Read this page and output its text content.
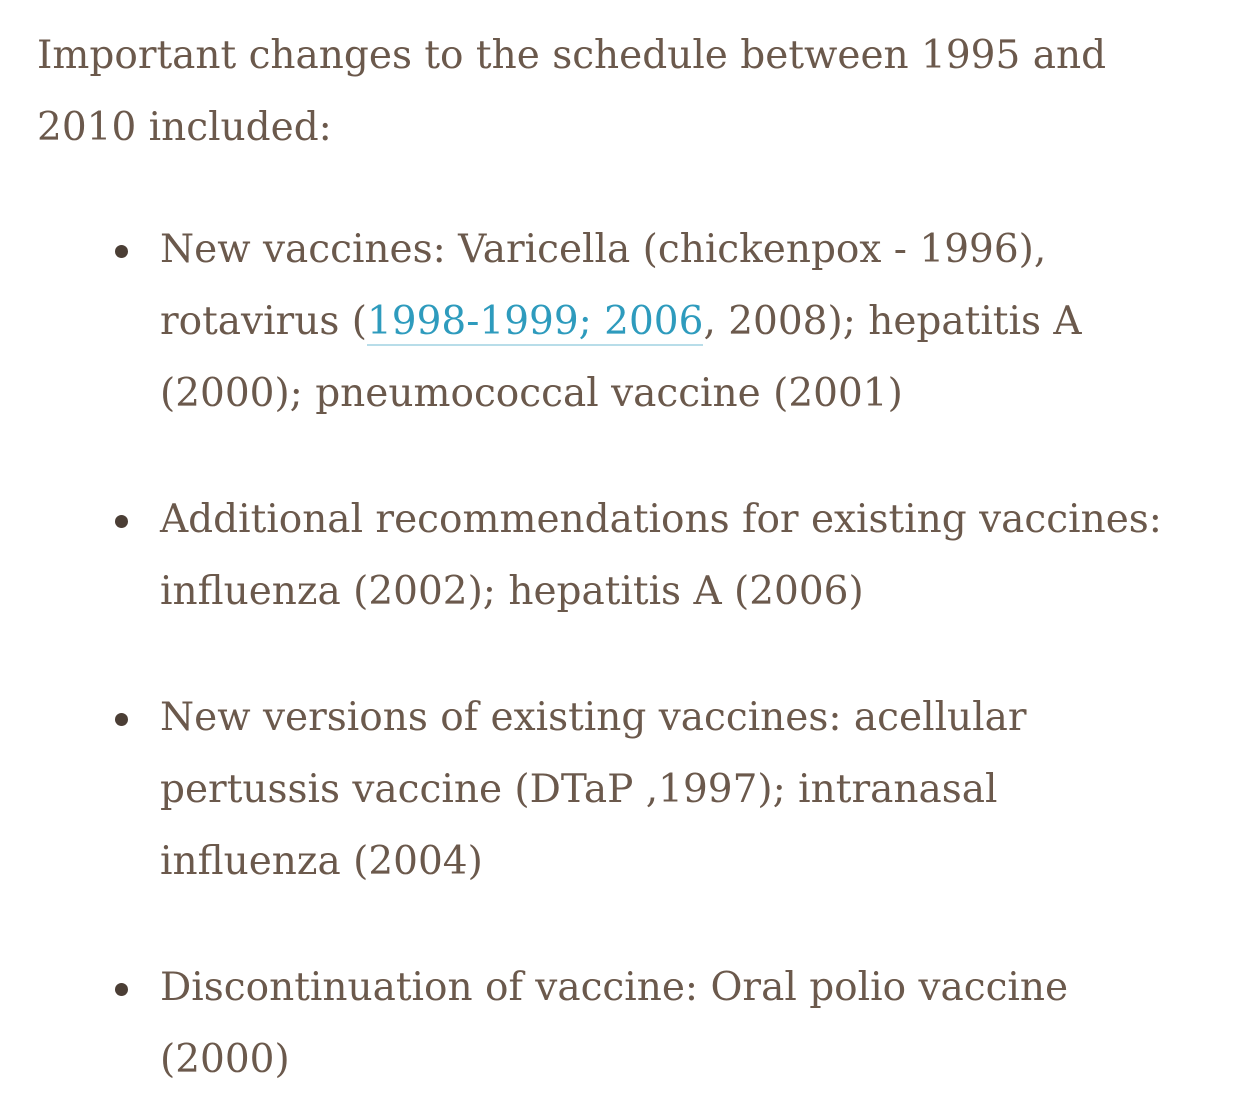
Important changes to the schedule between 1995 and 2010 included:

New vaccines: Varicella (chickenpox - 1996), rotavirus (1998-1999; 2006, 2008); hepatitis A (2000); pneumococcal vaccine (2001)
Additional recommendations for existing vaccines: influenza (2002); hepatitis A (2006)
New versions of existing vaccines: acellular pertussis vaccine (DTaP ,1997); intranasal influenza (2004)
Discontinuation of vaccine: Oral polio vaccine (2000)
